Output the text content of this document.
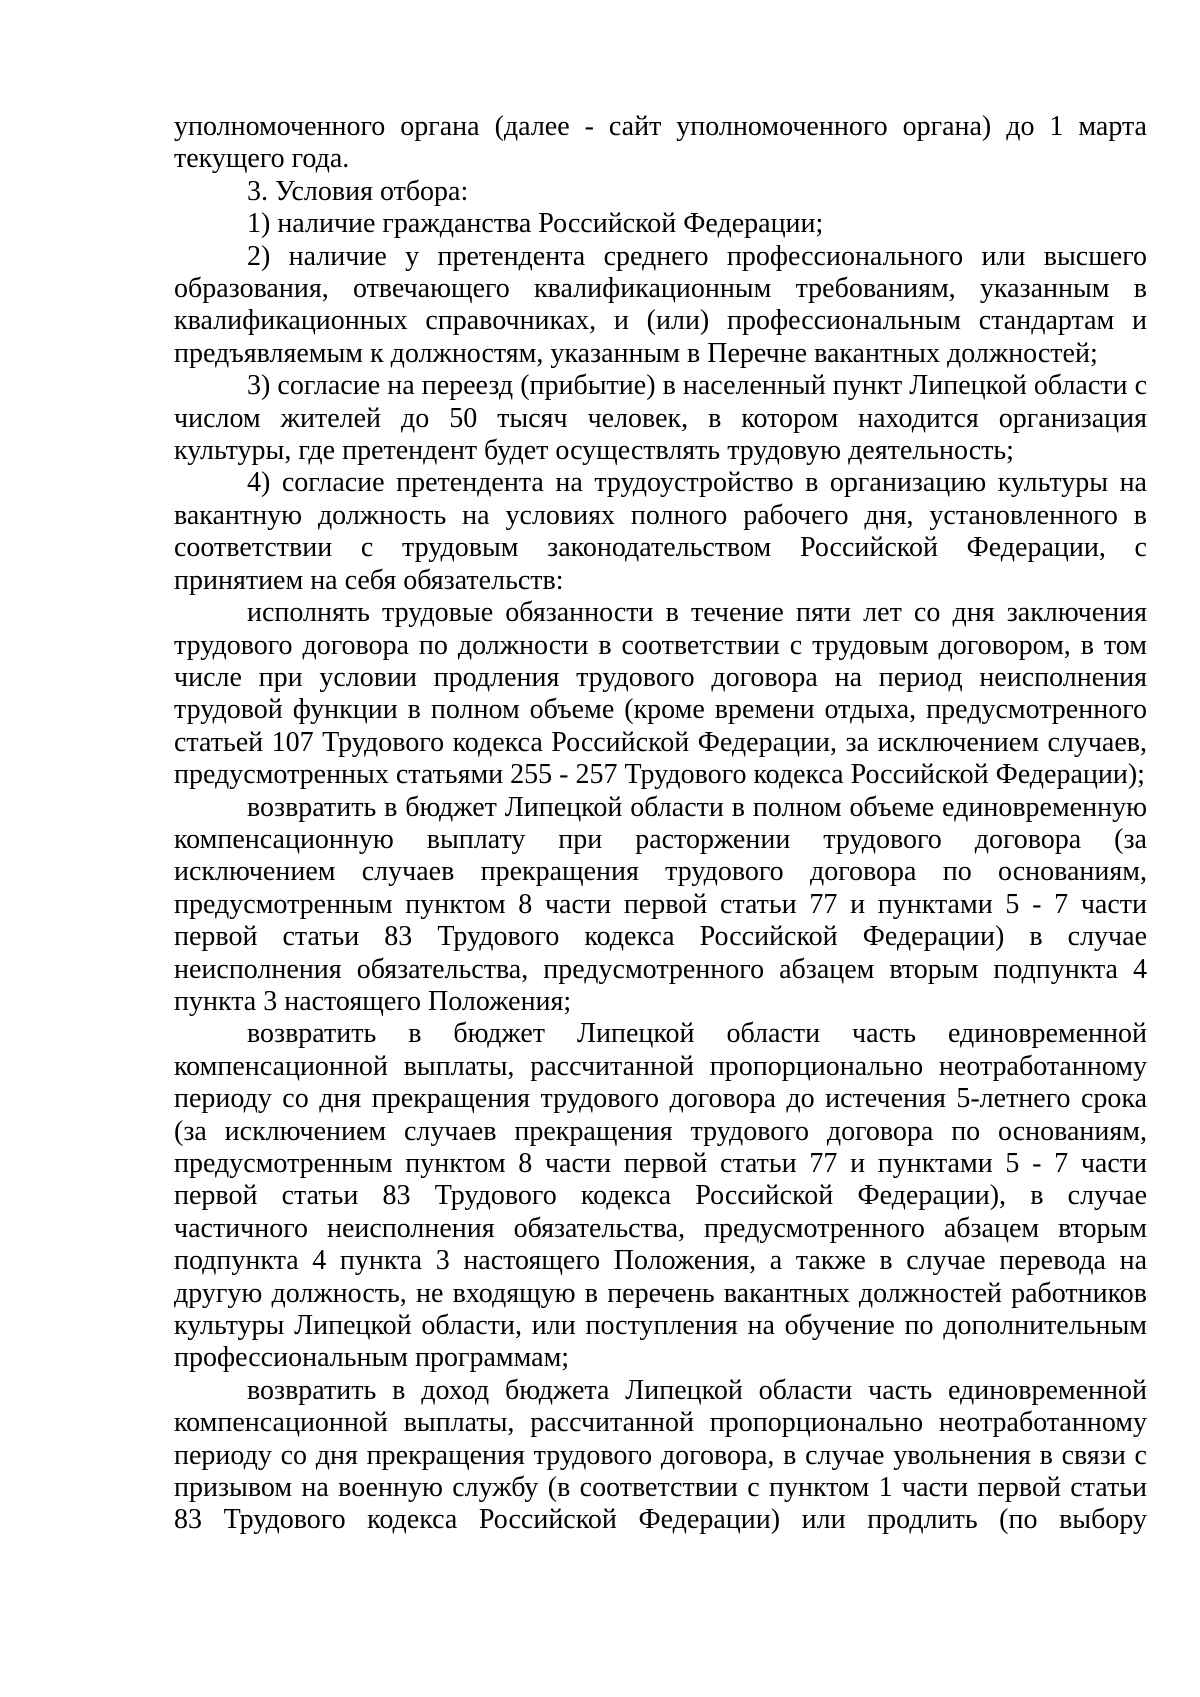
уполномоченного органа (далее - сайт уполномоченного органа) до 1 марта текущего года.

3. Условия отбора:

1) наличие гражданства Российской Федерации;

2) наличие у претендента среднего профессионального или высшего образования, отвечающего квалификационным требованиям, указанным в квалификационных справочниках, и (или) профессиональным стандартам и предъявляемым к должностям, указанным в Перечне вакантных должностей;

3) согласие на переезд (прибытие) в населенный пункт Липецкой области с числом жителей до 50 тысяч человек, в котором находится организация культуры, где претендент будет осуществлять трудовую деятельность;

4) согласие претендента на трудоустройство в организацию культуры на вакантную должность на условиях полного рабочего дня, установленного в соответствии с трудовым законодательством Российской Федерации, с принятием на себя обязательств:

исполнять трудовые обязанности в течение пяти лет со дня заключения трудового договора по должности в соответствии с трудовым договором, в том числе при условии продления трудового договора на период неисполнения трудовой функции в полном объеме (кроме времени отдыха, предусмотренного статьей 107 Трудового кодекса Российской Федерации, за исключением случаев, предусмотренных статьями 255 - 257 Трудового кодекса Российской Федерации);

возвратить в бюджет Липецкой области в полном объеме единовременную компенсационную выплату при расторжении трудового договора (за исключением случаев прекращения трудового договора по основаниям, предусмотренным пунктом 8 части первой статьи 77 и пунктами 5 - 7 части первой статьи 83 Трудового кодекса Российской Федерации) в случае неисполнения обязательства, предусмотренного абзацем вторым подпункта 4 пункта 3 настоящего Положения;

возвратить в бюджет Липецкой области часть единовременной компенсационной выплаты, рассчитанной пропорционально неотработанному периоду со дня прекращения трудового договора до истечения 5-летнего срока (за исключением случаев прекращения трудового договора по основаниям, предусмотренным пунктом 8 части первой статьи 77 и пунктами 5 - 7 части первой статьи 83 Трудового кодекса Российской Федерации), в случае частичного неисполнения обязательства, предусмотренного абзацем вторым подпункта 4 пункта 3 настоящего Положения, а также в случае перевода на другую должность, не входящую в перечень вакантных должностей работников культуры Липецкой области, или поступления на обучение по дополнительным профессиональным программам;

возвратить в доход бюджета Липецкой области часть единовременной компенсационной выплаты, рассчитанной пропорционально неотработанному периоду со дня прекращения трудового договора, в случае увольнения в связи с призывом на военную службу (в соответствии с пунктом 1 части первой статьи 83 Трудового кодекса Российской Федерации) или продлить (по выбору
